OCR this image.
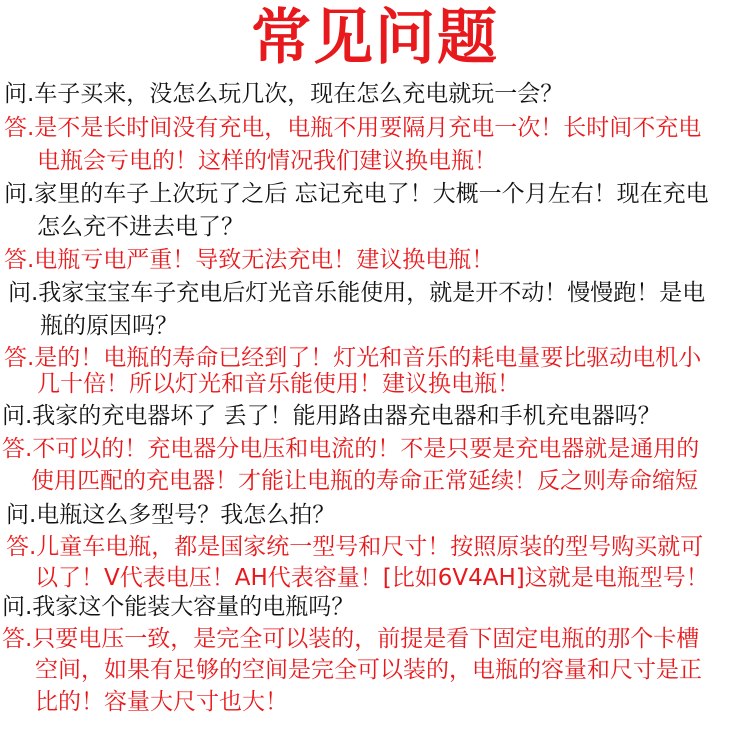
常见问题
问.车子买来，没怎么玩几次，现在怎么充电就玩一会？
答.是不是长时间没有充电，电瓶不用要隔月充电一次！长时间不充电
电瓶会亏电的！这样的情况我们建议换电瓶！
问.家里的车子上次玩了之后 忘记充电了！大概一个月左右！现在充电
怎么充不进去电了？
答.电瓶亏电严重！导致无法充电！建议换电瓶！
问.我家宝宝车子充电后灯光音乐能使用，就是开不动！慢慢跑！是电
瓶的原因吗？
答.是的！电瓶的寿命已经到了！灯光和音乐的耗电量要比驱动电机小
几十倍！所以灯光和音乐能使用！建议换电瓶！
问.我家的充电器坏了 丢了！能用路由器充电器和手机充电器吗？
答.不可以的！充电器分电压和电流的！不是只要是充电器就是通用的
使用匹配的充电器！才能让电瓶的寿命正常延续！反之则寿命缩短
问.电瓶这么多型号？我怎么拍？
答.儿童车电瓶，都是国家统一型号和尺寸！按照原装的型号购买就可
以了！V代表电压！AH代表容量！[比如6V4AH]这就是电瓶型号！
问.我家这个能装大容量的电瓶吗？
答.只要电压一致，是完全可以装的，前提是看下固定电瓶的那个卡槽
空间，如果有足够的空间是完全可以装的，电瓶的容量和尺寸是正
比的！容量大尺寸也大！
